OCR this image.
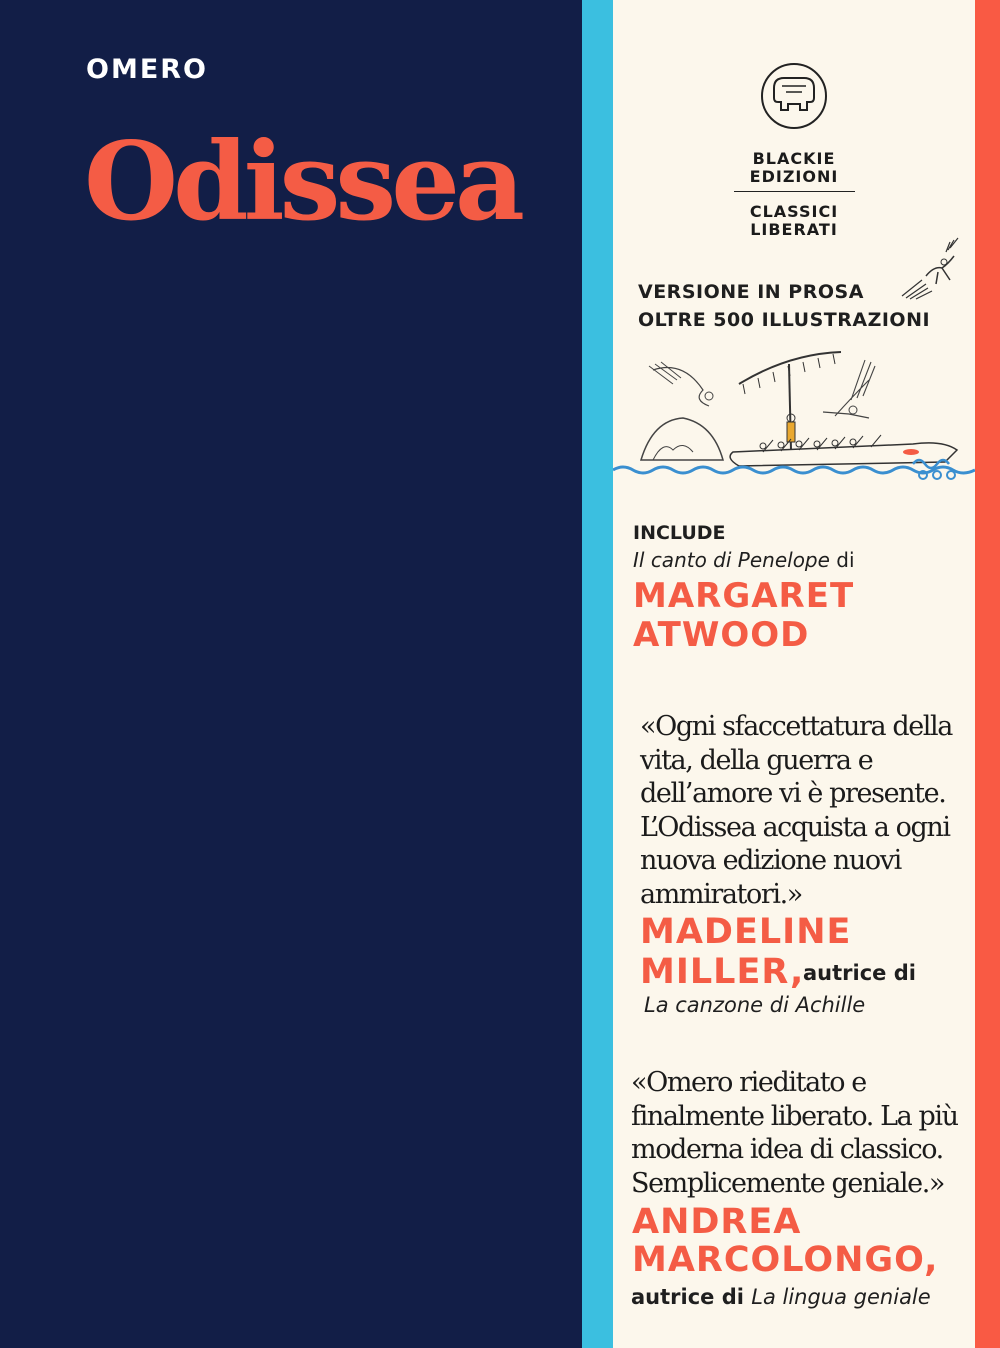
OMERO
Odissea	BLACKIE
EDIZIONI
CLASSICI
LIBERATI
VERSIONE IN PROSA
OLTRE 500 ILLUSTRAZIONI
INCLUDE
Il canto di Penelope di
MARGARET
ATWOOD
«Ogni sfaccettatura della vita, della guerra e dell’amore vi è presente. L’Odissea acquista a ogni nuova edizione nuovi ammiratori.»
MADELINE
MILLER,
autrice di
La canzone di Achille
«Omero rieditato e finalmente liberato. La più moderna idea di classico. Semplicemente geniale.»
ANDREA
MARCOLONGO,
autrice di La lingua geniale
